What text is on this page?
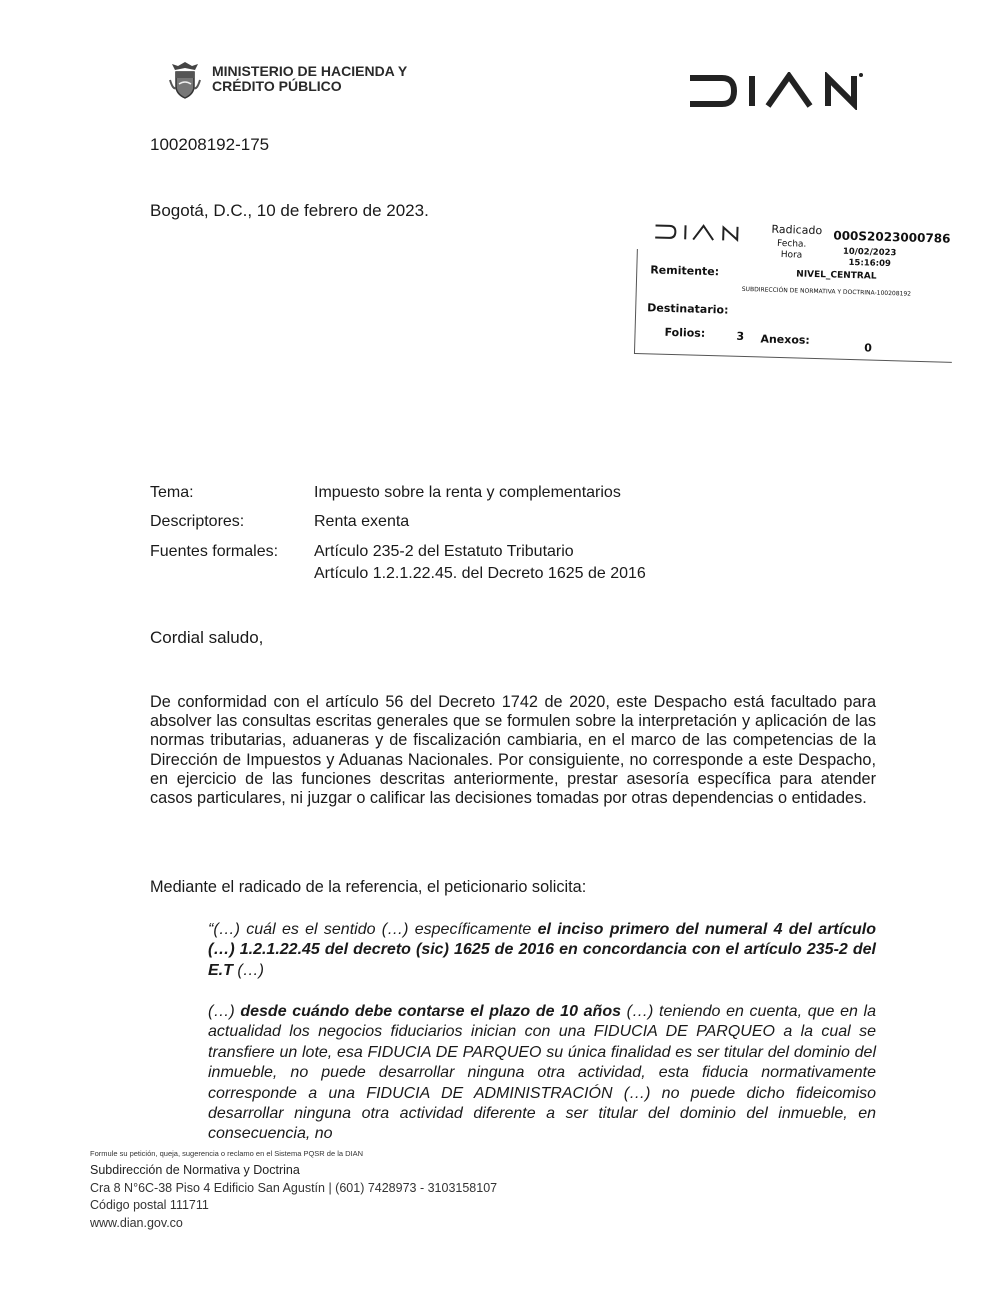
MINISTERIO DE HACIENDA Y
CRÉDITO PÚBLICO
100208192-175
Bogotá, D.C., 10 de febrero de 2023.
Radicado 000S2023000786
Fecha.
10/02/2023
Hora
15:16:09
Remitente:	NIVEL_CENTRAL
SUBDIRECCIÓN DE NORMATIVA Y DOCTRINA-100208192
Destinatario:
Folios:	3 Anexos:
0
Tema:	Impuesto sobre la renta y complementarios
Descriptores:	Renta exenta
Fuentes formales: Artículo 235-2 del Estatuto Tributario
Artículo 1.2.1.22.45. del Decreto 1625 de 2016
Cordial saludo,
De conformidad con el artículo 56 del Decreto 1742 de 2020, este Despacho está facultado para absolver las consultas escritas generales que se formulen sobre la interpretación y aplicación de las normas tributarias, aduaneras y de fiscalización cambiaria, en el marco de las competencias de la Dirección de Impuestos y Aduanas Nacionales. Por consiguiente, no corresponde a este Despacho, en ejercicio de las funciones descritas anteriormente, prestar asesoría específica para atender casos particulares, ni juzgar o calificar las decisiones tomadas por otras dependencias o entidades.
Mediante el radicado de la referencia, el peticionario solicita:
“(…) cuál es el sentido (…) específicamente el inciso primero del numeral 4 del artículo (…) 1.2.1.22.45 del decreto (sic) 1625 de 2016 en concordancia con el artículo 235-2 del E.T (…)
(…) desde cuándo debe contarse el plazo de 10 años (…) teniendo en cuenta, que en la actualidad los negocios fiduciarios inician con una FIDUCIA DE PARQUEO a la cual se transfiere un lote, esa FIDUCIA DE PARQUEO su única finalidad es ser titular del dominio del inmueble, no puede desarrollar ninguna otra actividad, esta fiducia normativamente corresponde a una FIDUCIA DE ADMINISTRACIÓN (…) no puede dicho fideicomiso desarrollar ninguna otra actividad diferente a ser titular del dominio del inmueble, en consecuencia, no
Formule su petición, queja, sugerencia o reclamo en el Sistema PQSR de la DIAN
Subdirección de Normativa y Doctrina
Cra 8 N°6C-38 Piso 4 Edificio San Agustín | (601) 7428973 - 3103158107
Código postal 111711
www.dian.gov.co
